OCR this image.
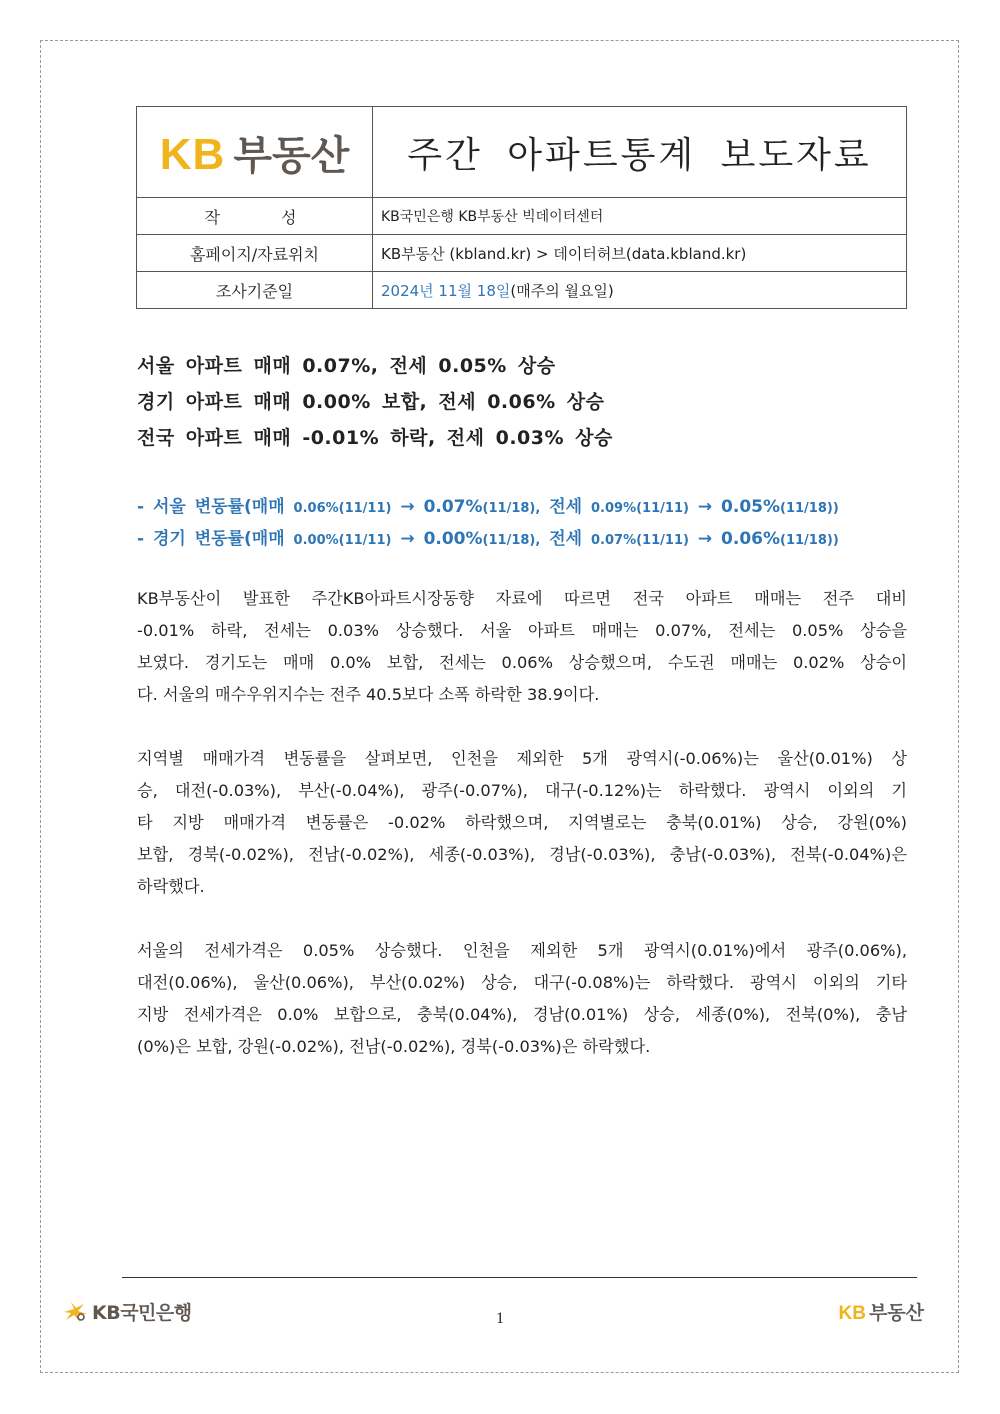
KB 부동산	주간 아파트통계 보도자료
작 성	KB국민은행 KB부동산 빅데이터센터
홈페이지/자료위치	KB부동산 (kbland.kr) > 데이터허브(data.kbland.kr)
조사기준일	2024년 11월 18일(매주의 월요일)
서울 아파트 매매 0.07%, 전세 0.05% 상승
경기 아파트 매매 0.00% 보합, 전세 0.06% 상승
전국 아파트 매매 -0.01% 하락, 전세 0.03% 상승
- 서울 변동률(매매 0.06%(11/11) → 0.07%(11/18), 전세 0.09%(11/11) → 0.05%(11/18))
- 경기 변동률(매매 0.00%(11/11) → 0.00%(11/18), 전세 0.07%(11/11) → 0.06%(11/18))
KB부동산이 발표한 주간KB아파트시장동향 자료에 따르면 전국 아파트 매매는 전주 대비
-0.01% 하락, 전세는 0.03% 상승했다. 서울 아파트 매매는 0.07%, 전세는 0.05% 상승을
보였다. 경기도는 매매 0.0% 보합, 전세는 0.06% 상승했으며, 수도권 매매는 0.02% 상승이
다. 서울의 매수우위지수는 전주 40.5보다 소폭 하락한 38.9이다.
지역별 매매가격 변동률을 살펴보면, 인천을 제외한 5개 광역시(-0.06%)는 울산(0.01%) 상
승, 대전(-0.03%), 부산(-0.04%), 광주(-0.07%), 대구(-0.12%)는 하락했다. 광역시 이외의 기
타 지방 매매가격 변동률은 -0.02% 하락했으며, 지역별로는 충북(0.01%) 상승, 강원(0%)
보합, 경북(-0.02%), 전남(-0.02%), 세종(-0.03%), 경남(-0.03%), 충남(-0.03%), 전북(-0.04%)은
하락했다.
서울의 전세가격은 0.05% 상승했다. 인천을 제외한 5개 광역시(0.01%)에서 광주(0.06%),
대전(0.06%), 울산(0.06%), 부산(0.02%) 상승, 대구(-0.08%)는 하락했다. 광역시 이외의 기타
지방 전세가격은 0.0% 보합으로, 충북(0.04%), 경남(0.01%) 상승, 세종(0%), 전북(0%), 충남
(0%)은 보합, 강원(-0.02%), 전남(-0.02%), 경북(-0.03%)은 하락했다.
KB국민은행	1	KB 부동산
